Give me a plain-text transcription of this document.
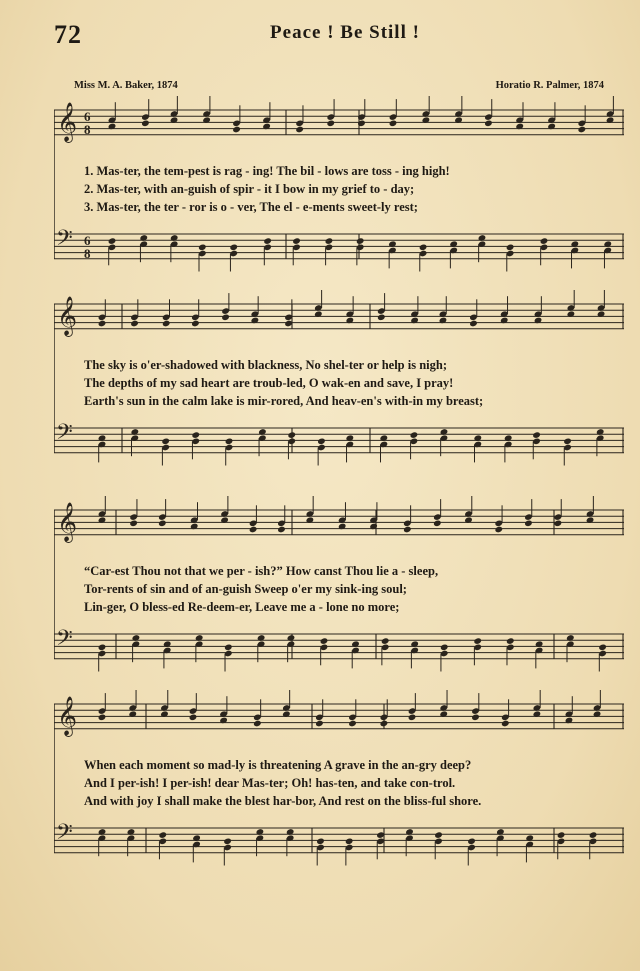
72	Peace ! Be Still !
Miss M. A. Baker, 1874	Horatio R. Palmer, 1874
𝄞 6
8
𝄢 6
8
1. Mas-ter, the tem-pest is rag - ing! The bil - lows are toss - ing high!
2. Mas-ter, with an-guish of spir - it I bow in my grief to - day;
3. Mas-ter, the ter - ror is o - ver, The el - e-ments sweet-ly rest;
𝄞
𝄢
The sky is o'er-shadowed with blackness, No shel-ter or help is nigh;
The depths of my sad heart are troub-led, O wak-en and save, I pray!
Earth's sun in the calm lake is mir-rored, And heav-en's with-in my breast;
𝄞
𝄢
“Car-est Thou not that we per - ish?” How canst Thou lie a - sleep,
Tor-rents of sin and of an-guish Sweep o'er my sink-ing soul;
Lin-ger, O bless-ed Re-deem-er, Leave me a - lone no more;
𝄞
𝄢
When each moment so mad-ly is threatening A grave in the an-gry deep?
And I per-ish! I per-ish! dear Mas-ter; Oh! has-ten, and take con-trol.
And with joy I shall make the blest har-bor, And rest on the bliss-ful shore.
